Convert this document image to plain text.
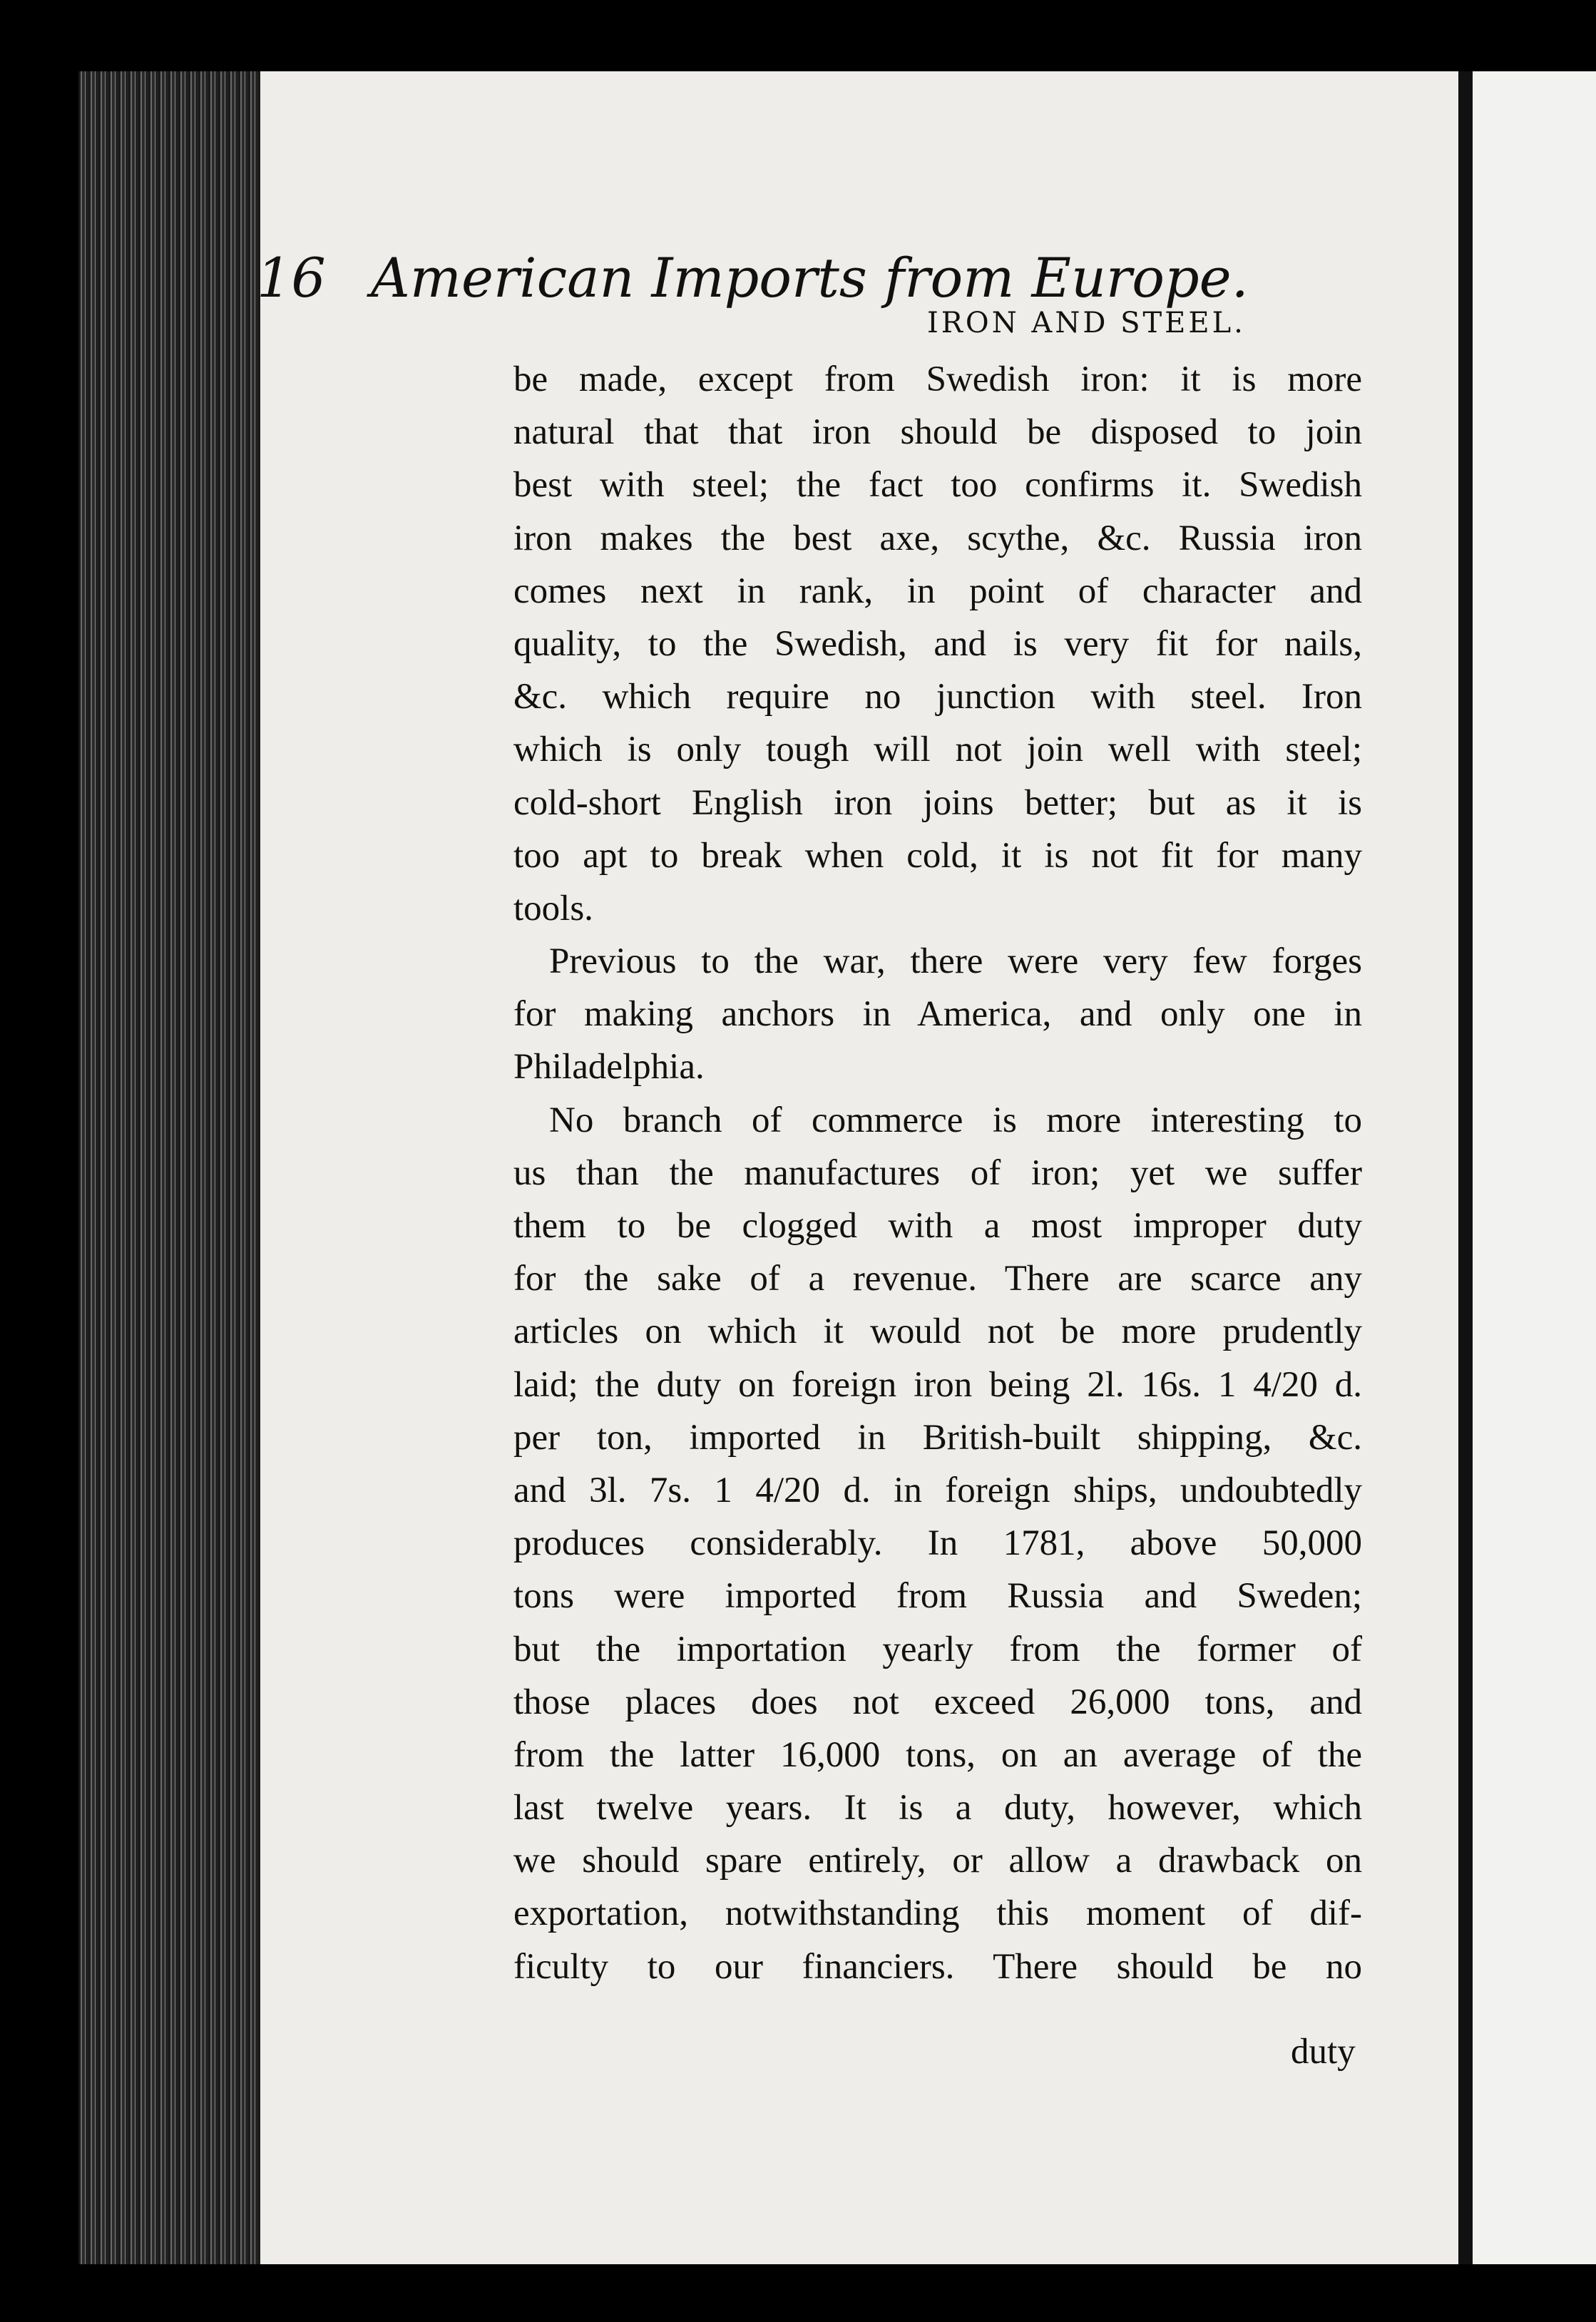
16 American Imports from Europe.
IRON AND STEEL.
be made, except from Swedish iron: it is more
natural that that iron should be disposed to join
best with steel; the fact too confirms it. Swedish
iron makes the best axe, scythe, &c. Russia iron
comes next in rank, in point of character and
quality, to the Swedish, and is very fit for nails,
&c. which require no junction with steel. Iron
which is only tough will not join well with steel;
cold-short English iron joins better; but as it is
too apt to break when cold, it is not fit for many
tools.
Previous to the war, there were very few forges
for making anchors in America, and only one in
Philadelphia.
No branch of commerce is more interesting to
us than the manufactures of iron; yet we suffer
them to be clogged with a most improper duty
for the sake of a revenue. There are scarce any
articles on which it would not be more prudently
laid; the duty on foreign iron being 2l. 16s. 1 4/20 d.
per ton, imported in British-built shipping, &c.
and 3l. 7s. 1 4/20 d. in foreign ships, undoubtedly
produces considerably. In 1781, above 50,000
tons were imported from Russia and Sweden;
but the importation yearly from the former of
those places does not exceed 26,000 tons, and
from the latter 16,000 tons, on an average of the
last twelve years. It is a duty, however, which
we should spare entirely, or allow a drawback on
exportation, notwithstanding this moment of dif-
ficulty to our financiers. There should be no
duty
